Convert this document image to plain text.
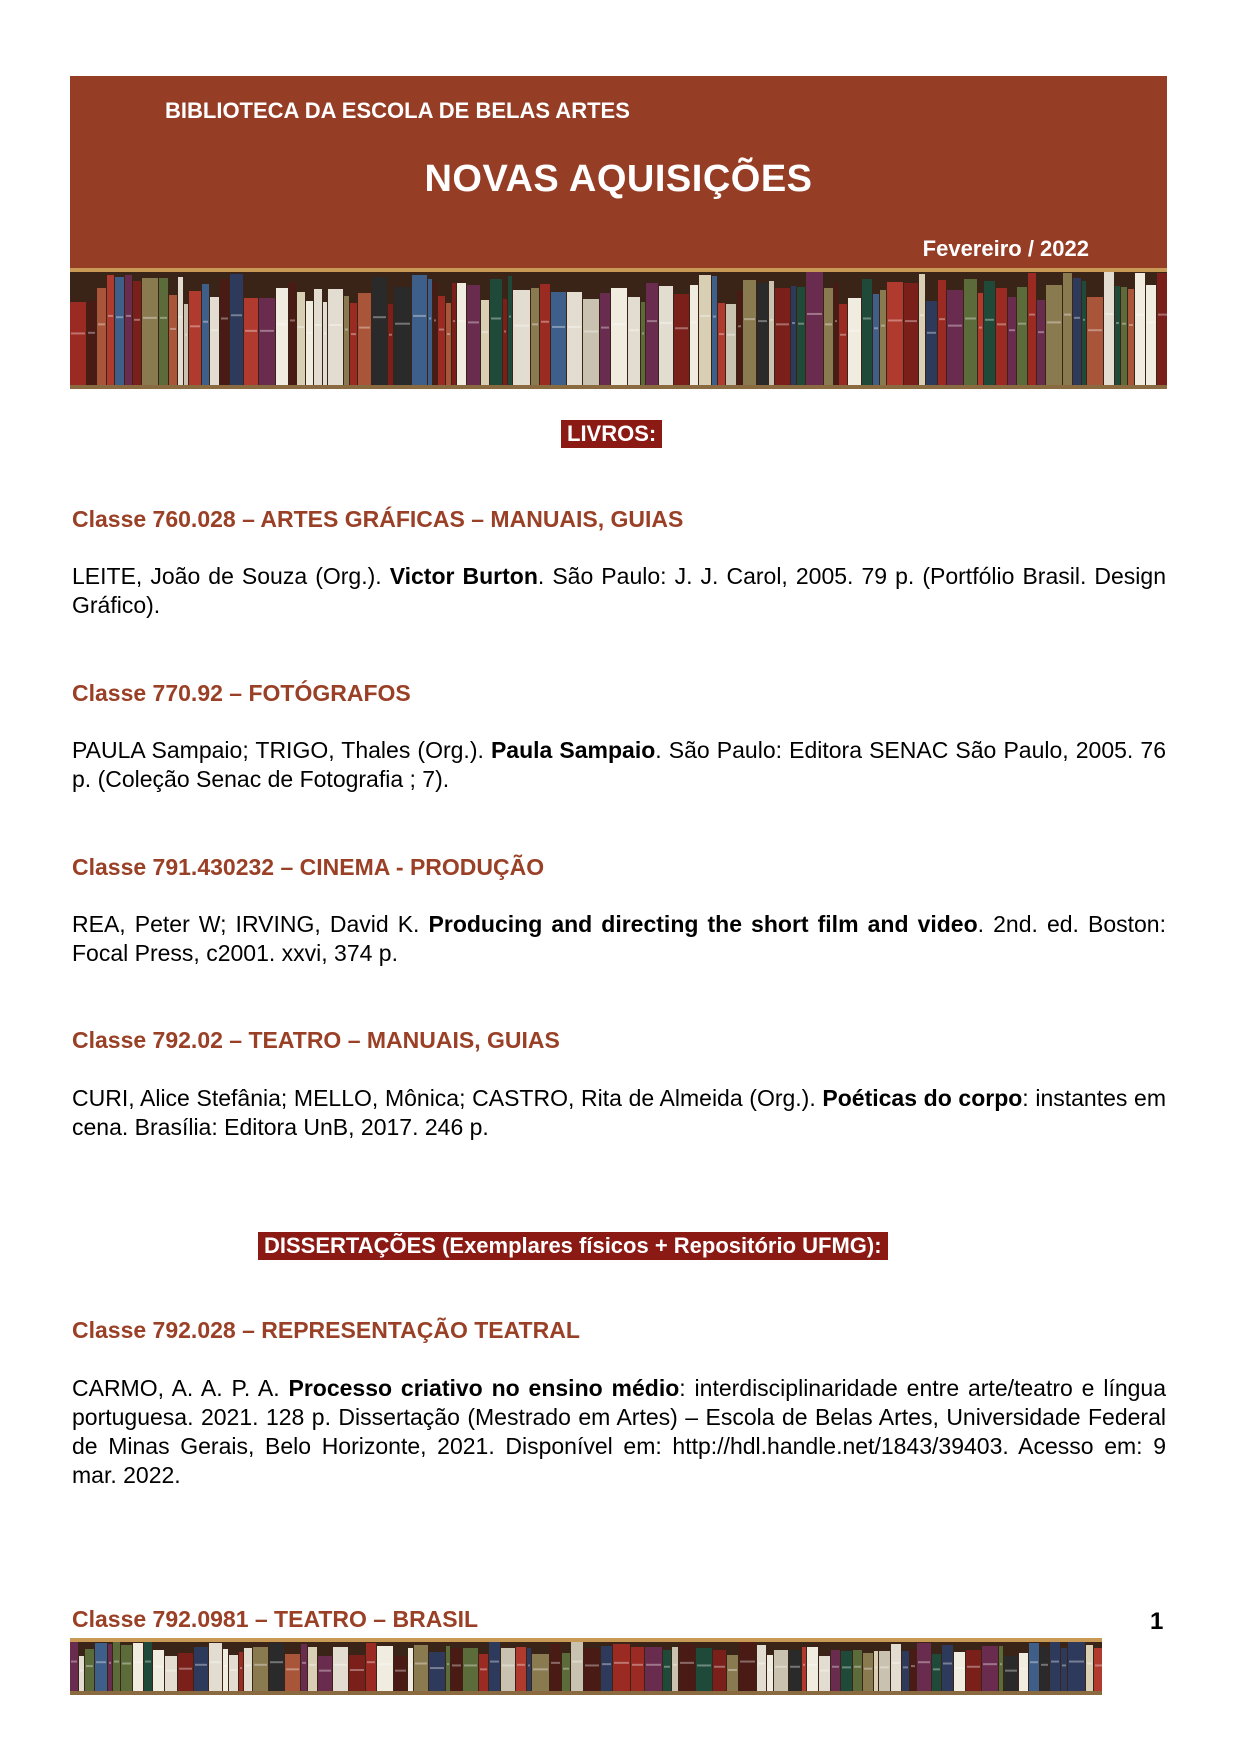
BIBLIOTECA DA ESCOLA DE BELAS ARTES
NOVAS AQUISIÇÕES
Fevereiro / 2022
LIVROS:
Classe 760.028 – ARTES GRÁFICAS – MANUAIS, GUIAS
LEITE, João de Souza (Org.). Victor Burton. São Paulo: J. J. Carol, 2005. 79 p. (Portfólio Brasil. Design Gráfico).
Classe 770.92 – FOTÓGRAFOS
PAULA Sampaio; TRIGO, Thales (Org.). Paula Sampaio. São Paulo: Editora SENAC São Paulo, 2005. 76 p. (Coleção Senac de Fotografia ; 7).
Classe 791.430232 – CINEMA - PRODUÇÃO
REA, Peter W; IRVING, David K. Producing and directing the short film and video. 2nd. ed. Boston: Focal Press, c2001. xxvi, 374 p.
Classe 792.02 – TEATRO – MANUAIS, GUIAS
CURI, Alice Stefânia; MELLO, Mônica; CASTRO, Rita de Almeida (Org.). Poéticas do corpo: instantes em cena. Brasília: Editora UnB, 2017. 246 p.
DISSERTAÇÕES (Exemplares físicos + Repositório UFMG):
Classe 792.028 – REPRESENTAÇÃO TEATRAL
CARMO, A. A. P. A. Processo criativo no ensino médio: interdisciplinaridade entre arte/teatro e língua portuguesa. 2021. 128 p. Dissertação (Mestrado em Artes) – Escola de Belas Artes, Universidade Federal de Minas Gerais, Belo Horizonte, 2021. Disponível em: http://hdl.handle.net/1843/39403. Acesso em: 9 mar. 2022.
Classe 792.0981 – TEATRO – BRASIL	1
